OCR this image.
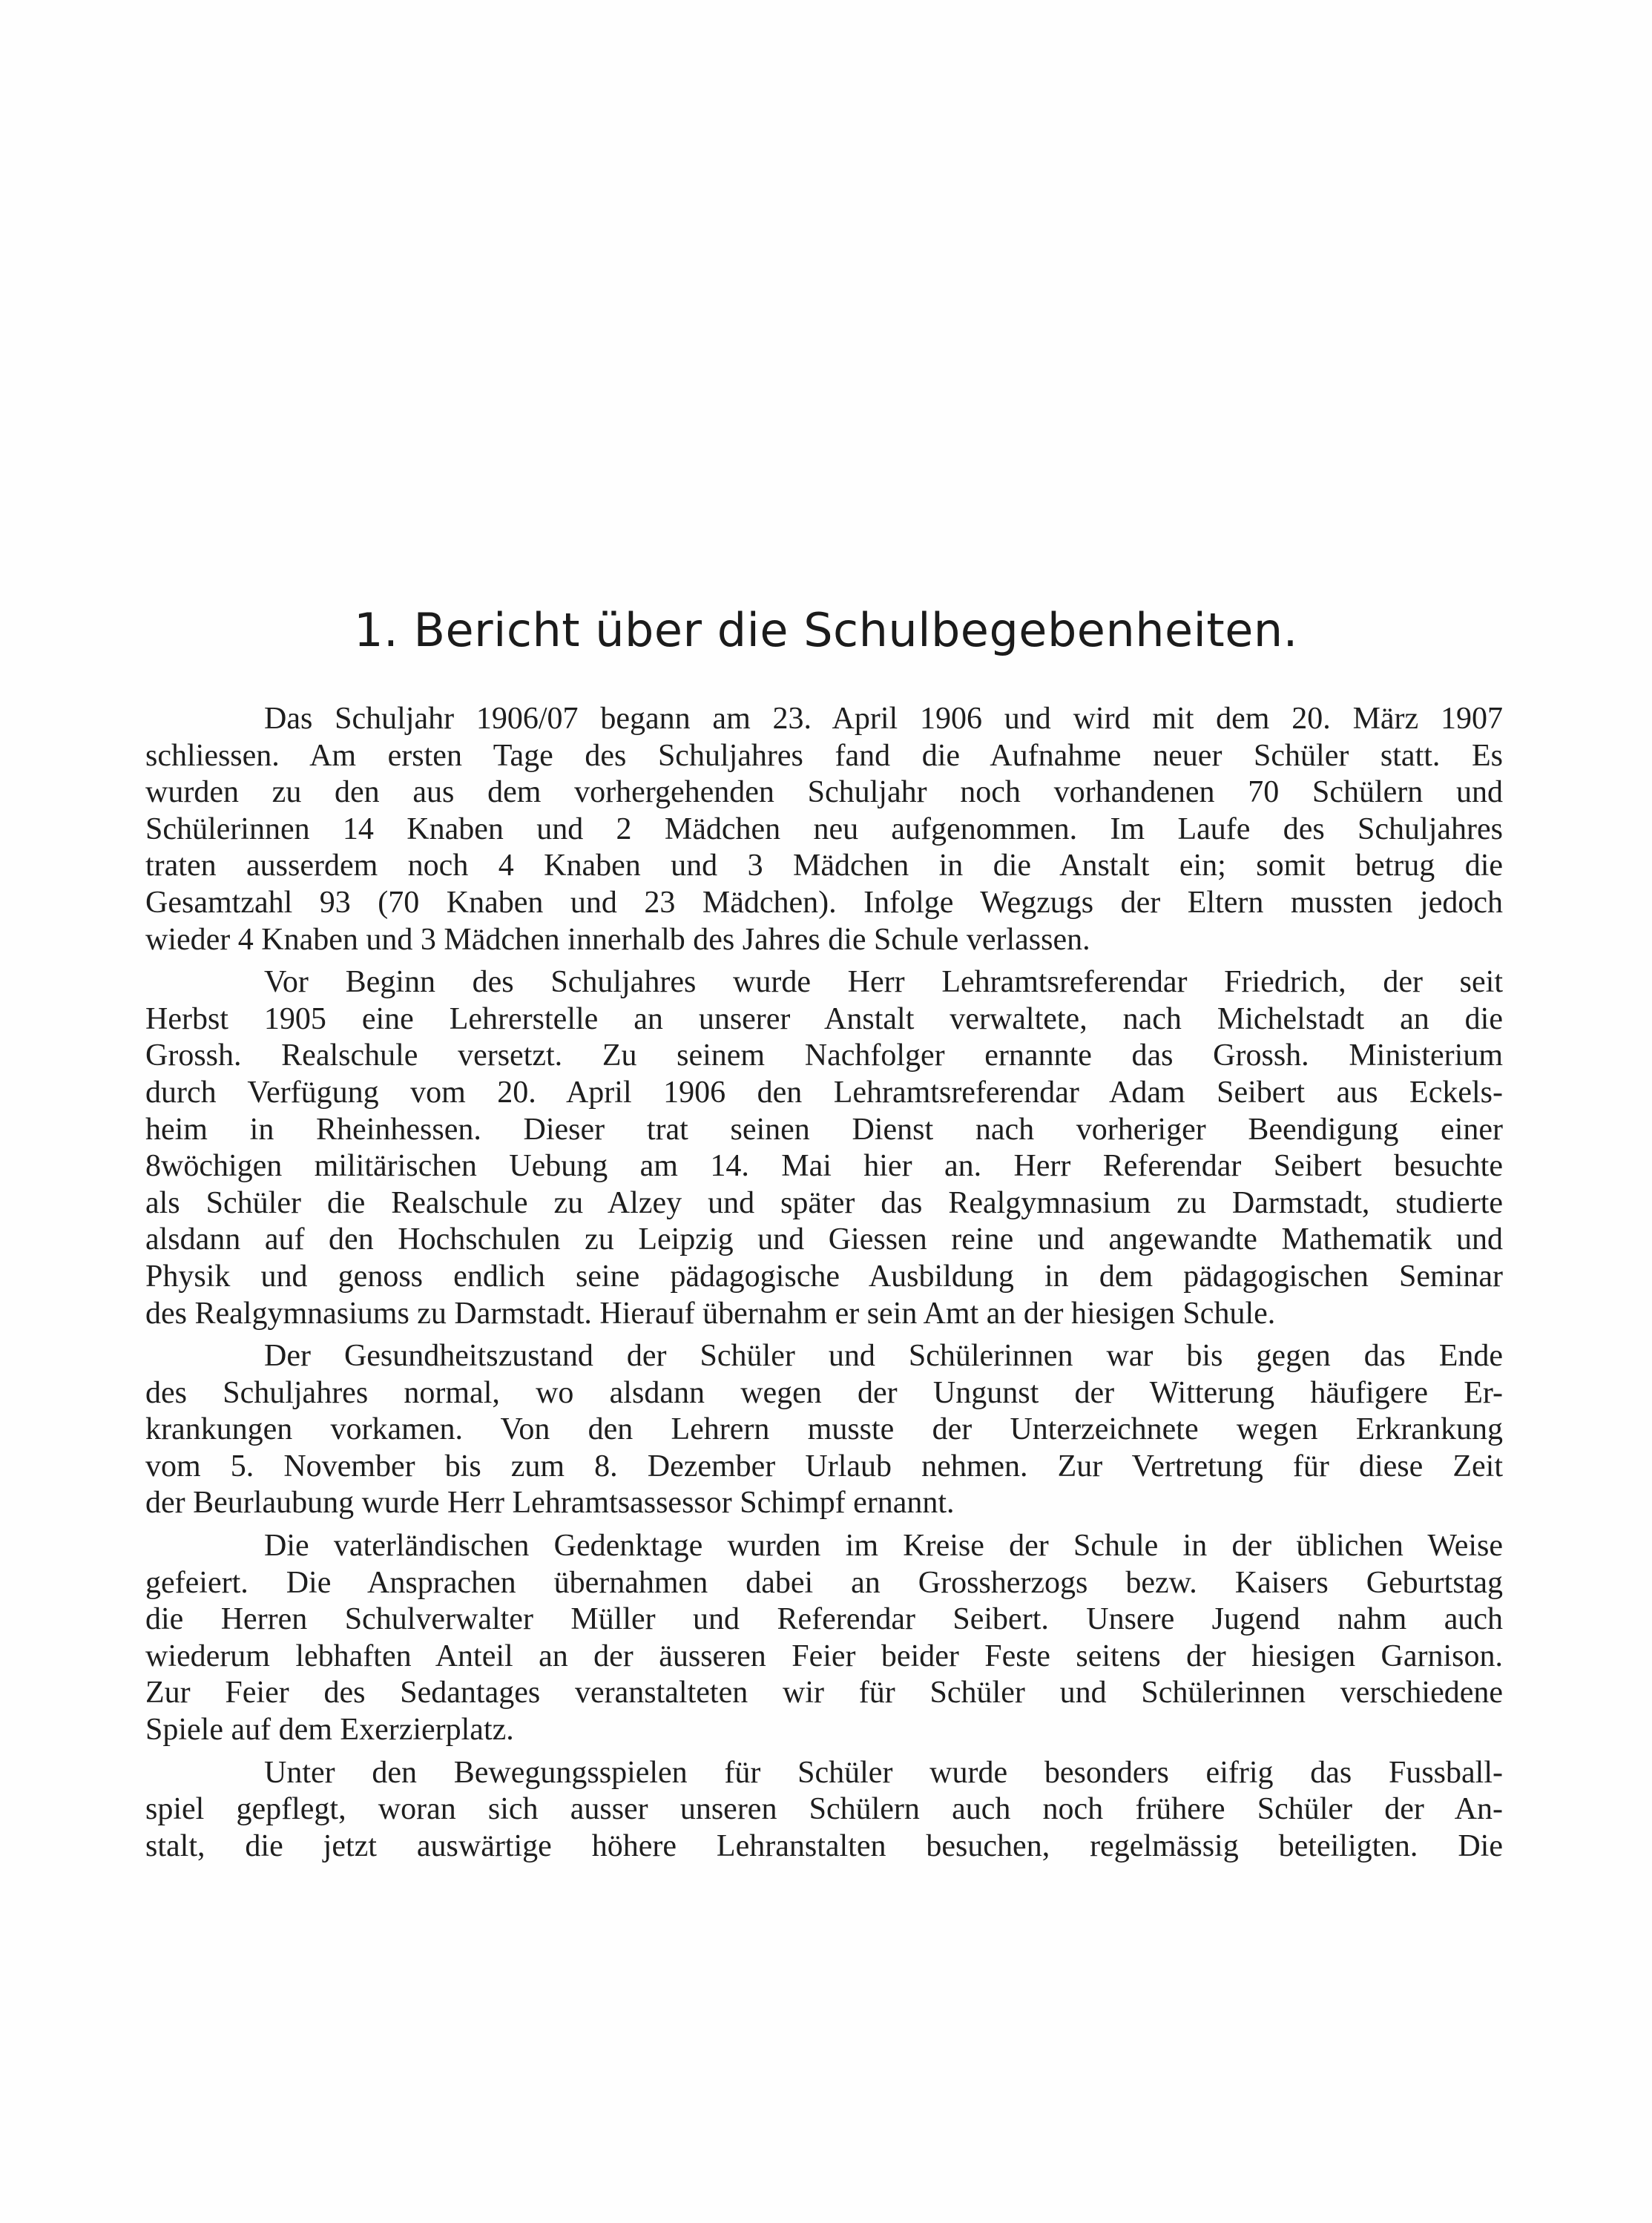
1. Bericht über die Schulbegebenheiten.
Das Schuljahr 1906/07 begann am 23. April 1906 und wird mit dem 20. März 1907
schliessen. Am ersten Tage des Schuljahres fand die Aufnahme neuer Schüler statt. Es
wurden zu den aus dem vorhergehenden Schuljahr noch vorhandenen 70 Schülern und
Schülerinnen 14 Knaben und 2 Mädchen neu aufgenommen. Im Laufe des Schuljahres
traten ausserdem noch 4 Knaben und 3 Mädchen in die Anstalt ein; somit betrug die
Gesamtzahl 93 (70 Knaben und 23 Mädchen). Infolge Wegzugs der Eltern mussten jedoch
wieder 4 Knaben und 3 Mädchen innerhalb des Jahres die Schule verlassen.
Vor Beginn des Schuljahres wurde Herr Lehramtsreferendar Friedrich, der seit
Herbst 1905 eine Lehrerstelle an unserer Anstalt verwaltete, nach Michelstadt an die
Grossh. Realschule versetzt. Zu seinem Nachfolger ernannte das Grossh. Ministerium
durch Verfügung vom 20. April 1906 den Lehramtsreferendar Adam Seibert aus Eckels-
heim in Rheinhessen. Dieser trat seinen Dienst nach vorheriger Beendigung einer
8wöchigen militärischen Uebung am 14. Mai hier an. Herr Referendar Seibert besuchte
als Schüler die Realschule zu Alzey und später das Realgymnasium zu Darmstadt, studierte
alsdann auf den Hochschulen zu Leipzig und Giessen reine und angewandte Mathematik und
Physik und genoss endlich seine pädagogische Ausbildung in dem pädagogischen Seminar
des Realgymnasiums zu Darmstadt. Hierauf übernahm er sein Amt an der hiesigen Schule.
Der Gesundheitszustand der Schüler und Schülerinnen war bis gegen das Ende
des Schuljahres normal, wo alsdann wegen der Ungunst der Witterung häufigere Er-
krankungen vorkamen. Von den Lehrern musste der Unterzeichnete wegen Erkrankung
vom 5. November bis zum 8. Dezember Urlaub nehmen. Zur Vertretung für diese Zeit
der Beurlaubung wurde Herr Lehramtsassessor Schimpf ernannt.
Die vaterländischen Gedenktage wurden im Kreise der Schule in der üblichen Weise
gefeiert. Die Ansprachen übernahmen dabei an Grossherzogs bezw. Kaisers Geburtstag
die Herren Schulverwalter Müller und Referendar Seibert. Unsere Jugend nahm auch
wiederum lebhaften Anteil an der äusseren Feier beider Feste seitens der hiesigen Garnison.
Zur Feier des Sedantages veranstalteten wir für Schüler und Schülerinnen verschiedene
Spiele auf dem Exerzierplatz.
Unter den Bewegungsspielen für Schüler wurde besonders eifrig das Fussball-
spiel gepflegt, woran sich ausser unseren Schülern auch noch frühere Schüler der An-
stalt, die jetzt auswärtige höhere Lehranstalten besuchen, regelmässig beteiligten. Die
